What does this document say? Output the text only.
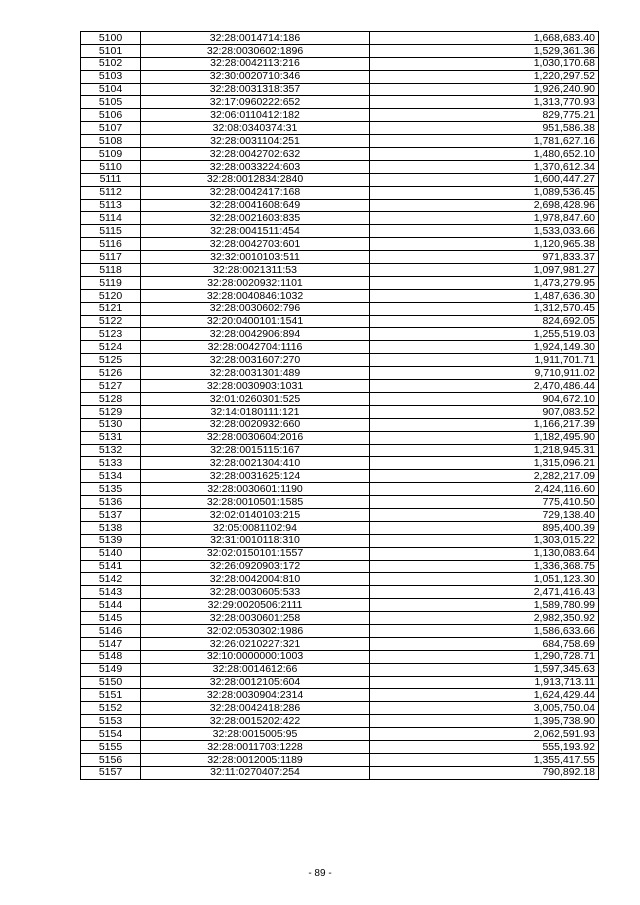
5100	32:28:0014714:186	1,668,683.40
5101	32:28:0030602:1896	1,529,361.36
5102	32:28:0042113:216	1,030,170.68
5103	32:30:0020710:346	1,220,297.52
5104	32:28:0031318:357	1,926,240.90
5105	32:17:0960222:652	1,313,770.93
5106	32:06:0110412:182	829,775.21
5107	32:08:0340374:31	951,586.38
5108	32:28:0031104:251	1,781,627.16
5109	32:28:0042702:632	1,480,652.10
5110	32:28:0033224:603	1,370,612.34
5111	32:28:0012834:2840	1,600,447.27
5112	32:28:0042417:168	1,089,536.45
5113	32:28:0041608:649	2,698,428.96
5114	32:28:0021603:835	1,978,847.60
5115	32:28:0041511:454	1,533,033.66
5116	32:28:0042703:601	1,120,965.38
5117	32:32:0010103:511	971,833.37
5118	32:28:0021311:53	1,097,981.27
5119	32:28:0020932:1101	1,473,279.95
5120	32:28:0040846:1032	1,487,636.30
5121	32:28:0030602:796	1,312,570.45
5122	32:20:0400101:1541	824,692.05
5123	32:28:0042906:894	1,255,519.03
5124	32:28:0042704:1116	1,924,149.30
5125	32:28:0031607:270	1,911,701.71
5126	32:28:0031301:489	9,710,911.02
5127	32:28:0030903:1031	2,470,486.44
5128	32:01:0260301:525	904,672.10
5129	32:14:0180111:121	907,083.52
5130	32:28:0020932:660	1,166,217.39
5131	32:28:0030604:2016	1,182,495.90
5132	32:28:0015115:167	1,218,945.31
5133	32:28:0021304:410	1,315,096.21
5134	32:28:0031625:124	2,282,217.09
5135	32:28:0030601:1190	2,424,116.60
5136	32:28:0010501:1585	775,410.50
5137	32:02:0140103:215	729,138.40
5138	32:05:0081102:94	895,400.39
5139	32:31:0010118:310	1,303,015.22
5140	32:02:0150101:1557	1,130,083.64
5141	32:26:0920903:172	1,336,368.75
5142	32:28:0042004:810	1,051,123.30
5143	32:28:0030605:533	2,471,416.43
5144	32:29:0020506:2111	1,589,780.99
5145	32:28:0030601:258	2,982,350.92
5146	32:02:0530302:1986	1,586,633.66
5147	32:26:0210227:321	684,758.69
5148	32:10:0000000:1003	1,290,728.71
5149	32:28:0014612:66	1,597,345.63
5150	32:28:0012105:604	1,913,713.11
5151	32:28:0030904:2314	1,624,429.44
5152	32:28:0042418:286	3,005,750.04
5153	32:28:0015202:422	1,395,738.90
5154	32:28:0015005:95	2,062,591.93
5155	32:28:0011703:1228	555,193.92
5156	32:28:0012005:1189	1,355,417.55
5157	32:11:0270407:254	790,892.18
- 89 -
